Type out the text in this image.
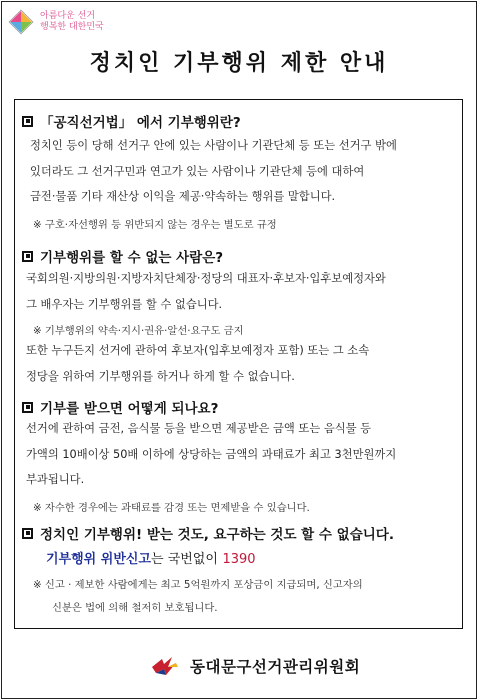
아름다운 선거
행복한 대한민국
정치인 기부행위 제한 안내
「공직선거법」 에서 기부행위란?
정치인 등이 당해 선거구 안에 있는 사람이나 기관단체 등 또는 선거구 밖에
있더라도 그 선거구민과 연고가 있는 사람이나 기관단체 등에 대하여
금전·물품 기타 재산상 이익을 제공·약속하는 행위를 말합니다.
※ 구호·자선행위 등 위반되지 않는 경우는 별도로 규정
기부행위를 할 수 없는 사람은?
국회의원·지방의원·지방자치단체장·정당의 대표자·후보자·입후보예정자와
그 배우자는 기부행위를 할 수 없습니다.
※ 기부행위의 약속·지시·권유·알선·요구도 금지
또한 누구든지 선거에 관하여 후보자(입후보예정자 포함) 또는 그 소속
정당을 위하여 기부행위를 하거나 하게 할 수 없습니다.
기부를 받으면 어떻게 되나요?
선거에 관하여 금전, 음식물 등을 받으면 제공받은 금액 또는 음식물 등
가액의 10배이상 50배 이하에 상당하는 금액의 과태료가 최고 3천만원까지
부과됩니다.
※ 자수한 경우에는 과태료를 감경 또는 면제받을 수 있습니다.
정치인 기부행위! 받는 것도, 요구하는 것도 할 수 없습니다.
기부행위 위반신고는 국번없이 1390
※ 신고 · 제보한 사람에게는 최고 5억원까지 포상금이 지급되며, 신고자의
신분은 법에 의해 철저히 보호됩니다.
동대문구선거관리위원회
